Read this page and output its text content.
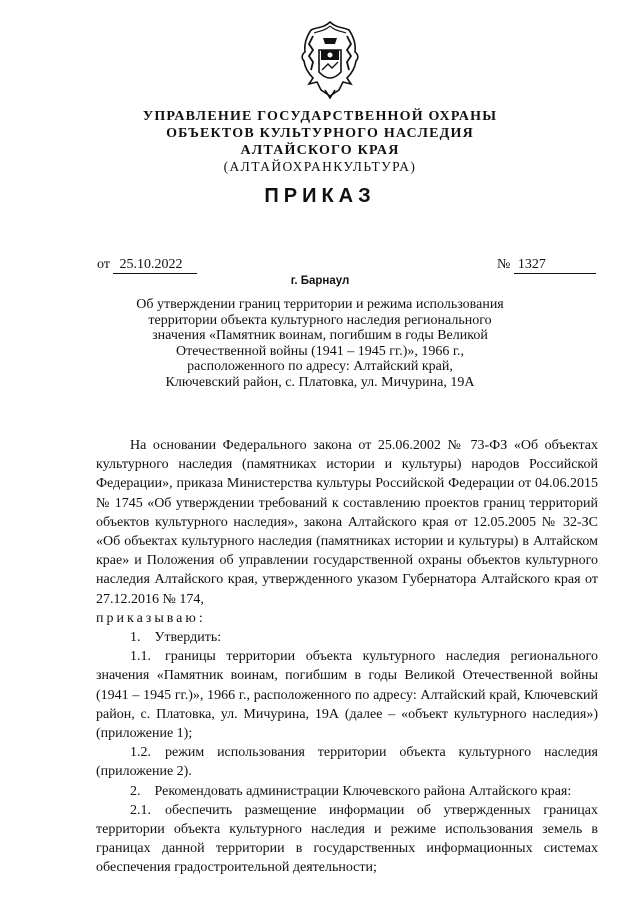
УПРАВЛЕНИЕ ГОСУДАРСТВЕННОЙ ОХРАНЫ
ОБЪЕКТОВ КУЛЬТУРНОГО НАСЛЕДИЯ
АЛТАЙСКОГО КРАЯ
(АЛТАЙОХРАНКУЛЬТУРА)
ПРИКАЗ
от 25.10.2022	№ 1327
г. Барнаул
Об утверждении границ территории и режима использования
территории объекта культурного наследия регионального
значения «Памятник воинам, погибшим в годы Великой
Отечественной войны (1941 – 1945 гг.)», 1966 г.,
расположенного по адресу: Алтайский край,
Ключевский район, с. Платовка, ул. Мичурина, 19А

На основании Федерального закона от 25.06.2002 № 73-ФЗ «Об объектах культурного наследия (памятниках истории и культуры) народов Российской Федерации», приказа Министерства культуры Российской Федерации от 04.06.2015 № 1745 «Об утверждении требований к составлению проектов границ территорий объектов культурного наследия», закона Алтайского края от 12.05.2005 № 32-ЗС «Об объектах культурного наследия (памятниках истории и культуры) в Алтайском крае» и Положения об управлении государственной охраны объектов культурного наследия Алтайского края, утвержденного указом Губернатора Алтайского края от 27.12.2016 № 174,

приказываю:

1. Утвердить:

1.1. границы территории объекта культурного наследия регионального значения «Памятник воинам, погибшим в годы Великой Отечественной войны (1941 – 1945 гг.)», 1966 г., расположенного по адресу: Алтайский край, Ключевский район, с. Платовка, ул. Мичурина, 19А (далее – «объект культурного наследия») (приложение 1);

1.2. режим использования территории объекта культурного наследия (приложение 2).

2. Рекомендовать администрации Ключевского района Алтайского края:

2.1. обеспечить размещение информации об утвержденных границах территории объекта культурного наследия и режиме использования земель в границах данной территории в государственных информационных системах обеспечения градостроительной деятельности;
